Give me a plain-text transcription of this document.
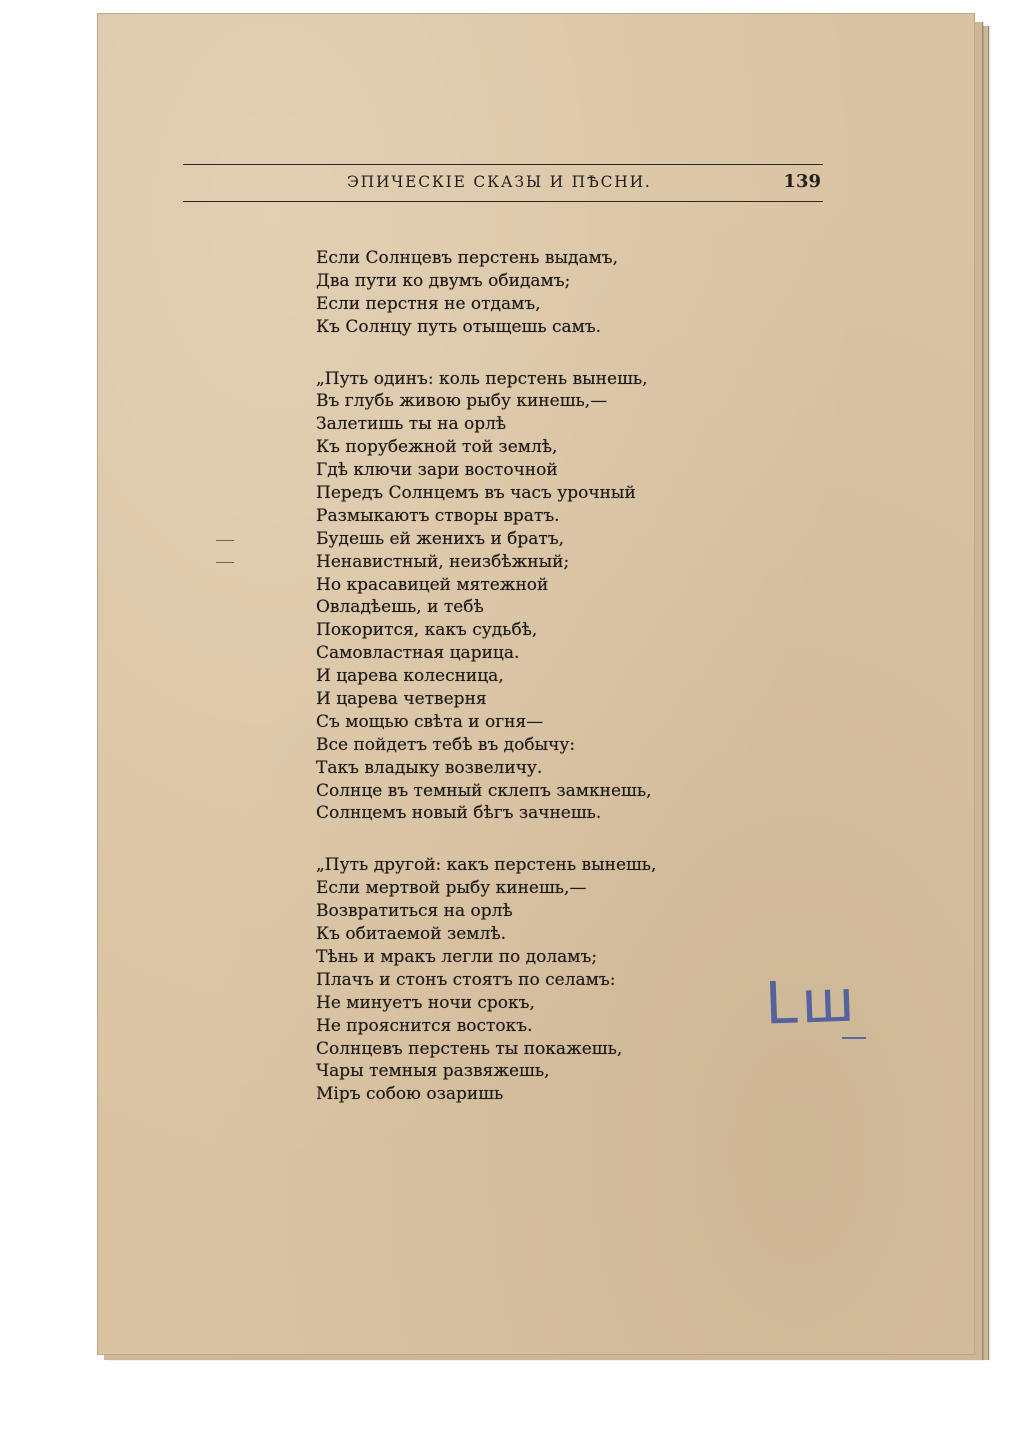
ЭПИЧЕСКІЕ СКАЗЫ И ПѢСНИ.	139
Если Солнцевъ перстень выдамъ,
Два пути ко двумъ обидамъ;
Если перстня не отдамъ,
Къ Солнцу путь отыщешь самъ.
„Путь одинъ: коль перстень вынешь,
Въ глубь живою рыбу кинешь,—
Залетишь ты на орлѣ
Къ порубежной той землѣ,
Гдѣ ключи зари восточной
Передъ Солнцемъ въ часъ урочный
Размыкаютъ створы вратъ.
Будешь ей женихъ и братъ,
Ненавистный, неизбѣжный;
Но красавицей мятежной
Овладѣешь, и тебѣ
Покорится, какъ судьбѣ,
Самовластная царица.
И царева колесница,
И царева четверня
Съ мощью свѣта и огня—
Все пойдетъ тебѣ въ добычу:
Такъ владыку возвеличу.
Солнце въ темный склепъ замкнешь,
Солнцемъ новый бѣгъ зачнешь.
„Путь другой: какъ перстень вынешь,
Если мертвой рыбу кинешь,—
Возвратиться на орлѣ
Къ обитаемой землѣ.
Тѣнь и мракъ легли по доламъ;
Плачъ и стонъ стоятъ по селамъ:
Не минуетъ ночи срокъ,
Не прояснится востокъ.
Солнцевъ перстень ты покажешь,
Чары темныя развяжешь,
Міръ собою озаришь
Lш
